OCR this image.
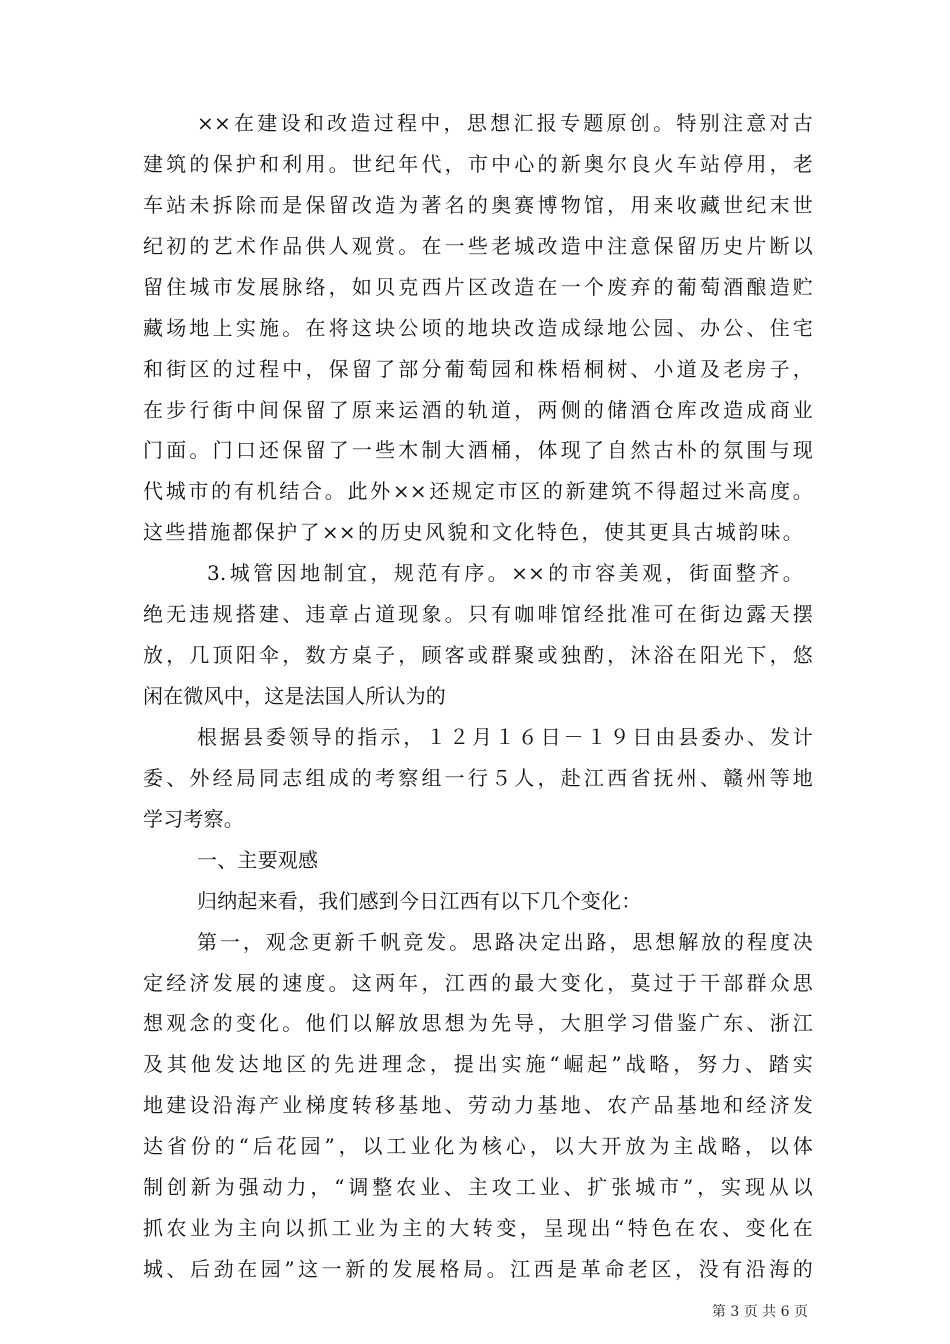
××在建设和改造过程中，思想汇报专题原创。特别注意对古
建筑的保护和利用。世纪年代，市中心的新奥尔良火车站停用，老
车站未拆除而是保留改造为著名的奥赛博物馆，用来收藏世纪末世
纪初的艺术作品供人观赏。在一些老城改造中注意保留历史片断以
留住城市发展脉络，如贝克西片区改造在一个废弃的葡萄酒酿造贮
藏场地上实施。在将这块公顷的地块改造成绿地公园、办公、住宅
和街区的过程中，保留了部分葡萄园和株梧桐树、小道及老房子，
在步行街中间保留了原来运酒的轨道，两侧的储酒仓库改造成商业
门面。门口还保留了一些木制大酒桶，体现了自然古朴的氛围与现
代城市的有机结合。此外××还规定市区的新建筑不得超过米高度。
这些措施都保护了××的历史风貌和文化特色，使其更具古城韵味。
3.城管因地制宜，规范有序。××的市容美观，街面整齐。
绝无违规搭建、违章占道现象。只有咖啡馆经批准可在街边露天摆
放，几顶阳伞，数方桌子，顾客或群聚或独酌，沐浴在阳光下，悠
闲在微风中，这是法国人所认为的
根据县委领导的指示，１２月１６日－１９日由县委办、发计
委、外经局同志组成的考察组一行５人，赴江西省抚州、赣州等地
学习考察。
一、主要观感
归纳起来看，我们感到今日江西有以下几个变化：
第一，观念更新千帆竞发。思路决定出路，思想解放的程度决
定经济发展的速度。这两年，江西的最大变化，莫过于干部群众思
想观念的变化。他们以解放思想为先导，大胆学习借鉴广东、浙江
及其他发达地区的先进理念，提出实施“崛起”战略，努力、踏实
地建设沿海产业梯度转移基地、劳动力基地、农产品基地和经济发
达省份的“后花园”，以工业化为核心，以大开放为主战略，以体
制创新为强动力，“调整农业、主攻工业、扩张城市”，实现从以
抓农业为主向以抓工业为主的大转变，呈现出“特色在农、变化在
城、后劲在园”这一新的发展格局。江西是革命老区，没有沿海的
第 3 页 共 6 页
